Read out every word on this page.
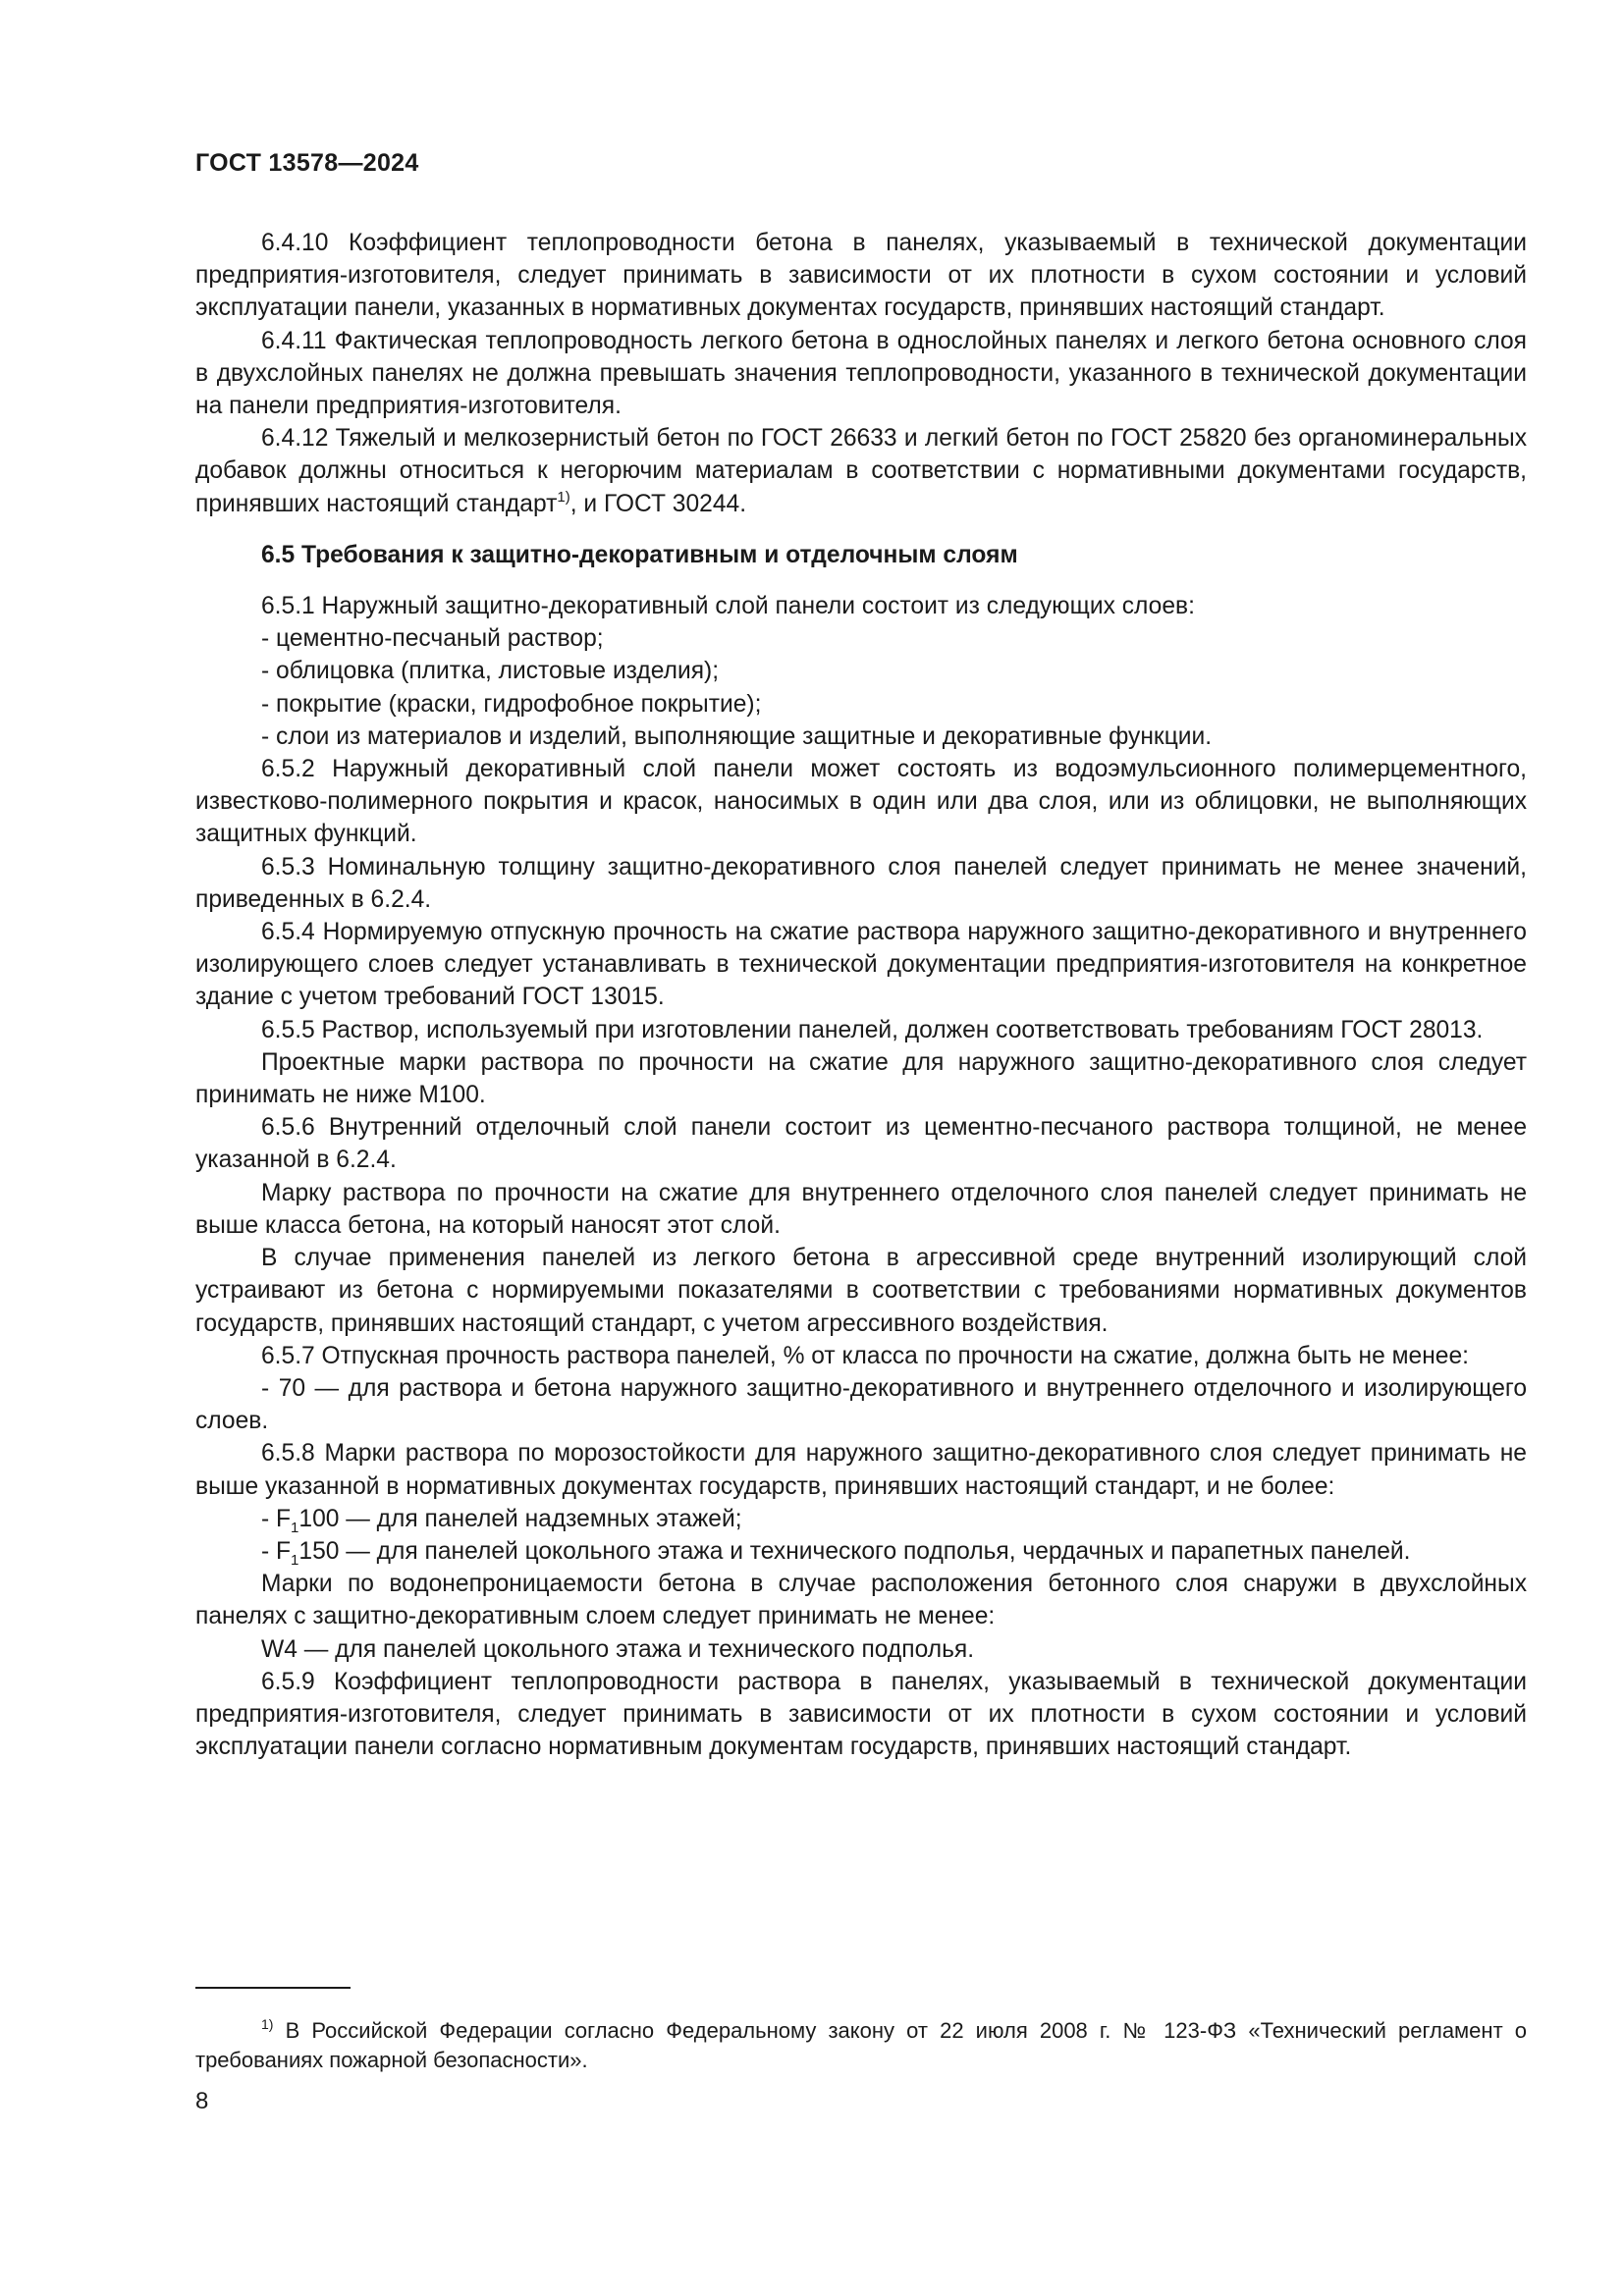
ГОСТ 13578—2024

6.4.10 Коэффициент теплопроводности бетона в панелях, указываемый в технической документации предприятия-изготовителя, следует принимать в зависимости от их плотности в сухом состоянии и условий эксплуатации панели, указанных в нормативных документах государств, принявших настоящий стандарт.

6.4.11 Фактическая теплопроводность легкого бетона в однослойных панелях и легкого бетона основного слоя в двухслойных панелях не должна превышать значения теплопроводности, указанного в технической документации на панели предприятия-изготовителя.

6.4.12 Тяжелый и мелкозернистый бетон по ГОСТ 26633 и легкий бетон по ГОСТ 25820 без органоминеральных добавок должны относиться к негорючим материалам в соответствии с нормативными документами государств, принявших настоящий стандарт$^{1)}$, и ГОСТ 30244.

6.5 Требования к защитно-декоративным и отделочным слоям

6.5.1 Наружный защитно-декоративный слой панели состоит из следующих слоев:

- цементно-песчаный раствор;

- облицовка (плитка, листовые изделия);

- покрытие (краски, гидрофобное покрытие);

- слои из материалов и изделий, выполняющие защитные и декоративные функции.

6.5.2 Наружный декоративный слой панели может состоять из водоэмульсионного полимерцементного, известково-полимерного покрытия и красок, наносимых в один или два слоя, или из облицовки, не выполняющих защитных функций.

6.5.3 Номинальную толщину защитно-декоративного слоя панелей следует принимать не менее значений, приведенных в 6.2.4.

6.5.4 Нормируемую отпускную прочность на сжатие раствора наружного защитно-декоративного и внутреннего изолирующего слоев следует устанавливать в технической документации предприятия-изготовителя на конкретное здание с учетом требований ГОСТ 13015.

6.5.5 Раствор, используемый при изготовлении панелей, должен соответствовать требованиям ГОСТ 28013.

Проектные марки раствора по прочности на сжатие для наружного защитно-декоративного слоя следует принимать не ниже М100.

6.5.6 Внутренний отделочный слой панели состоит из цементно-песчаного раствора толщиной, не менее указанной в 6.2.4.

Марку раствора по прочности на сжатие для внутреннего отделочного слоя панелей следует принимать не выше класса бетона, на который наносят этот слой.

В случае применения панелей из легкого бетона в агрессивной среде внутренний изолирующий слой устраивают из бетона с нормируемыми показателями в соответствии с требованиями нормативных документов государств, принявших настоящий стандарт, с учетом агрессивного воздействия.

6.5.7 Отпускная прочность раствора панелей, % от класса по прочности на сжатие, должна быть не менее:

- 70 — для раствора и бетона наружного защитно-декоративного и внутреннего отделочного и изолирующего слоев.

6.5.8 Марки раствора по морозостойкости для наружного защитно-декоративного слоя следует принимать не выше указанной в нормативных документах государств, принявших настоящий стандарт, и не более:

- $F_1100$ — для панелей надземных этажей;

- $F_1150$ — для панелей цокольного этажа и технического подполья, чердачных и парапетных панелей.

Марки по водонепроницаемости бетона в случае расположения бетонного слоя снаружи в двухслойных панелях с защитно-декоративным слоем следует принимать не менее:

W4 — для панелей цокольного этажа и технического подполья.

6.5.9 Коэффициент теплопроводности раствора в панелях, указываемый в технической документации предприятия-изготовителя, следует принимать в зависимости от их плотности в сухом состоянии и условий эксплуатации панели согласно нормативным документам государств, принявших настоящий стандарт.

$^{1)}$ В Российской Федерации согласно Федеральному закону от 22 июля 2008 г. № 123-ФЗ «Технический регламент о требованиях пожарной безопасности».

8
